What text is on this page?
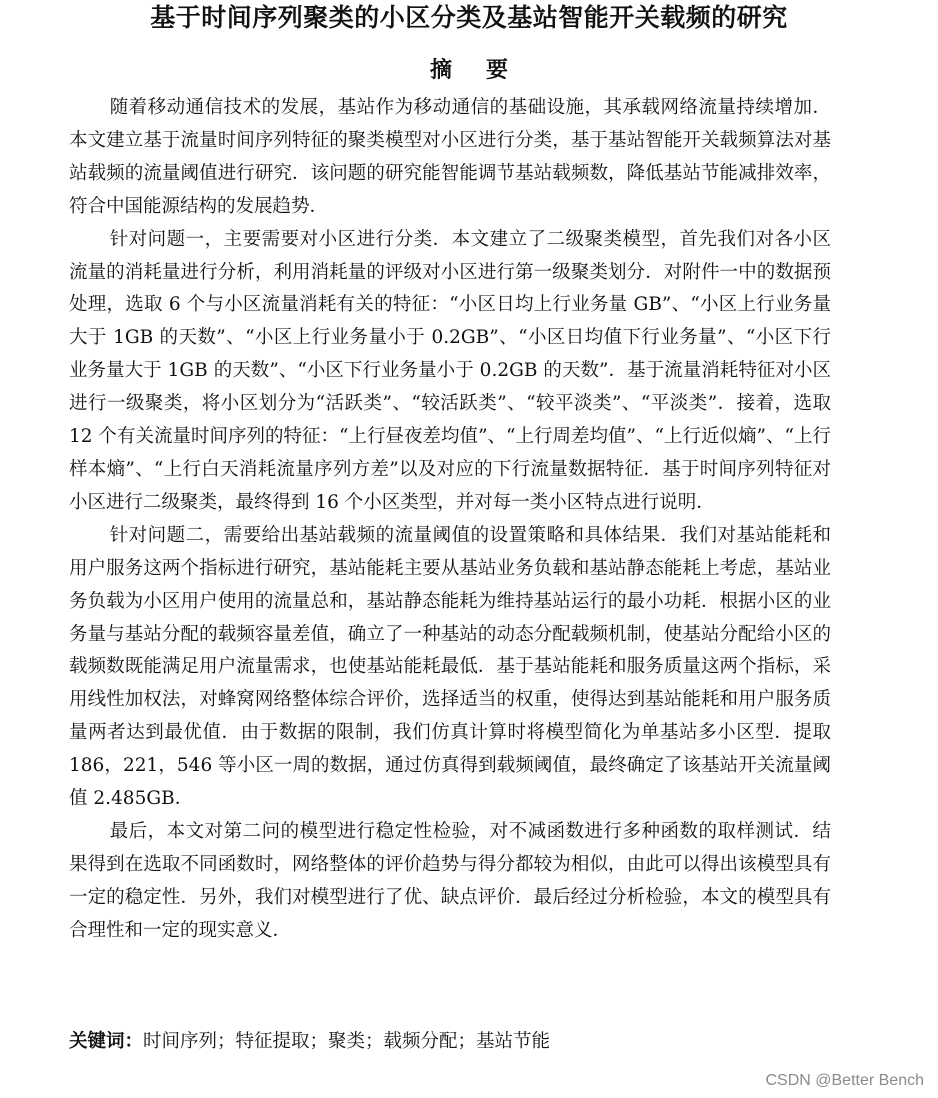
基于时间序列聚类的小区分类及基站智能开关载频的研究
摘 要

随着移动通信技术的发展，基站作为移动通信的基础设施，其承载网络流量持续增加．本文建立基于流量时间序列特征的聚类模型对小区进行分类，基于基站智能开关载频算法对基站载频的流量阈值进行研究．该问题的研究能智能调节基站载频数，降低基站节能减排效率，符合中国能源结构的发展趋势．

针对问题一，主要需要对小区进行分类．本文建立了二级聚类模型，首先我们对各小区流量的消耗量进行分析，利用消耗量的评级对小区进行第一级聚类划分．对附件一中的数据预处理，选取 6 个与小区流量消耗有关的特征：“小区日均上行业务量 GB”、“小区上行业务量大于 1GB 的天数”、“小区上行业务量小于 0.2GB”、“小区日均值下行业务量”、“小区下行业务量大于 1GB 的天数”、“小区下行业务量小于 0.2GB 的天数”．基于流量消耗特征对小区进行一级聚类，将小区划分为“活跃类”、“较活跃类”、“较平淡类”、“平淡类”．接着，选取 12 个有关流量时间序列的特征：“上行昼夜差均值”、“上行周差均值”、“上行近似熵”、“上行样本熵”、“上行白天消耗流量序列方差”以及对应的下行流量数据特征．基于时间序列特征对小区进行二级聚类，最终得到 16 个小区类型，并对每一类小区特点进行说明．

针对问题二，需要给出基站载频的流量阈值的设置策略和具体结果．我们对基站能耗和用户服务这两个指标进行研究，基站能耗主要从基站业务负载和基站静态能耗上考虑，基站业务负载为小区用户使用的流量总和，基站静态能耗为维持基站运行的最小功耗．根据小区的业务量与基站分配的载频容量差值，确立了一种基站的动态分配载频机制，使基站分配给小区的载频数既能满足用户流量需求，也使基站能耗最低．基于基站能耗和服务质量这两个指标，采用线性加权法，对蜂窝网络整体综合评价，选择适当的权重，使得达到基站能耗和用户服务质量两者达到最优值．由于数据的限制，我们仿真计算时将模型简化为单基站多小区型．提取 186，221，546 等小区一周的数据，通过仿真得到载频阈值，最终确定了该基站开关流量阈值 2.485GB．

最后，本文对第二问的模型进行稳定性检验，对不减函数进行多种函数的取样测试．结果得到在选取不同函数时，网络整体的评价趋势与得分都较为相似，由此可以得出该模型具有一定的稳定性．另外，我们对模型进行了优、缺点评价．最后经过分析检验，本文的模型具有合理性和一定的现实意义．

关键词：时间序列；特征提取；聚类；载频分配；基站节能
CSDN @Better Bench
